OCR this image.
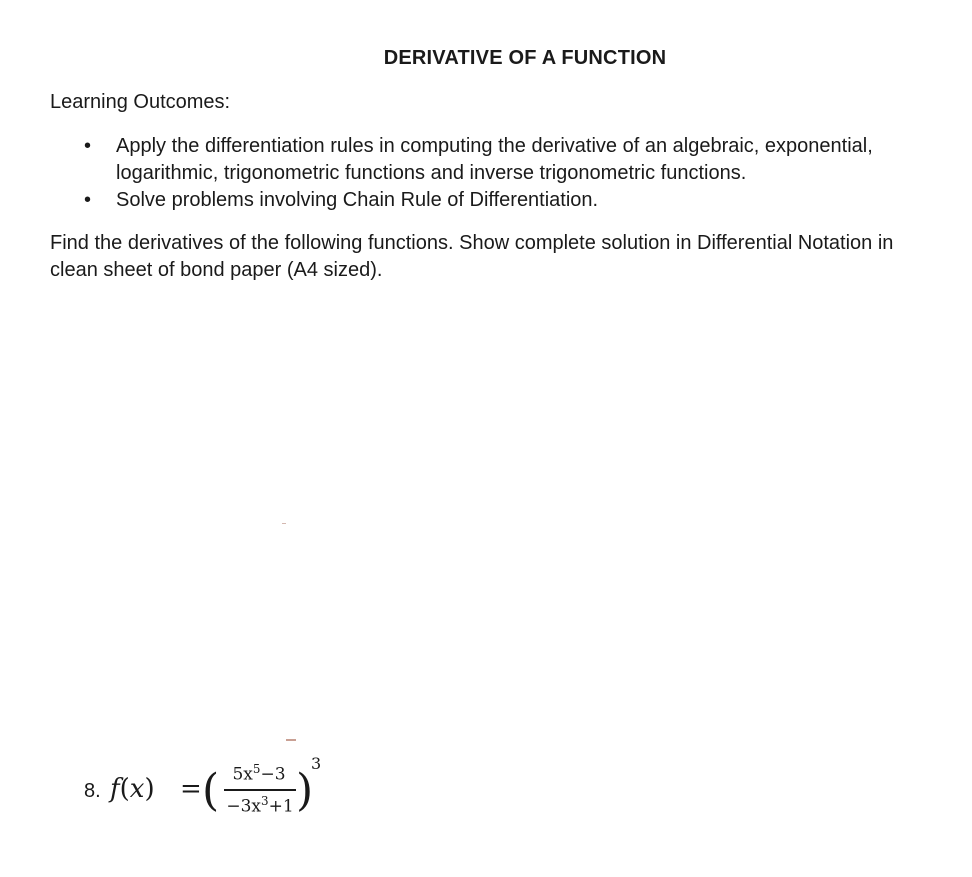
DERIVATIVE OF A FUNCTION
Learning Outcomes:
• Apply the differentiation rules in computing the derivative of an algebraic, exponential,
logarithmic, trigonometric functions and inverse trigonometric functions.
• Solve problems involving Chain Rule of Differentiation.
Find the derivatives of the following functions. Show complete solution in Differential Notation in
clean sheet of bond paper (A4 sized).
8. f(x) = ( $5x^5-3$
$-3x^3+1$ )
3
